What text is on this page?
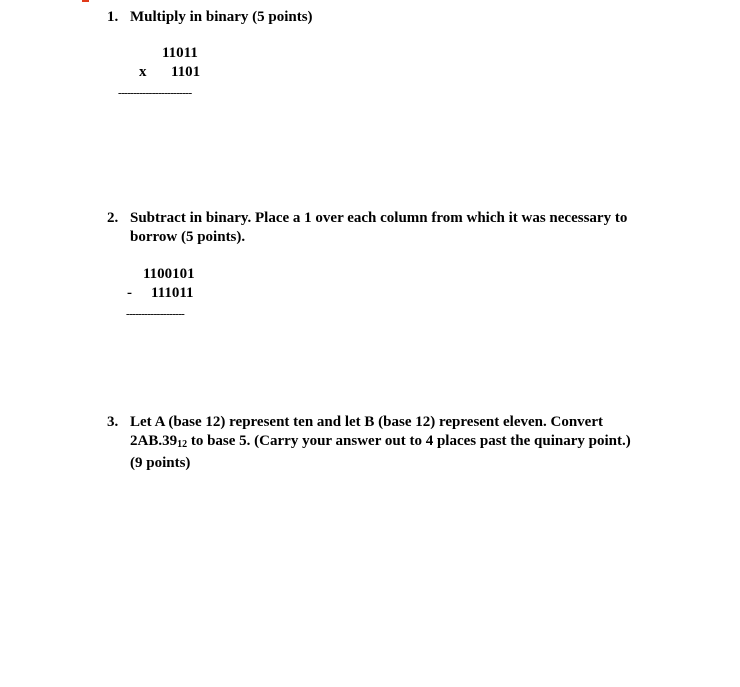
1. Multiply in binary (5 points)
11011
x 1101
------------------------
2. Subtract in binary. Place a 1 over each column from which it was necessary to
borrow (5 points).
1100101
- 111011
-------------------
3. Let A (base 12) represent ten and let B (base 12) represent eleven. Convert
$2AB.39_{12}$ to base 5. (Carry your answer out to 4 places past the quinary point.)
(9 points)
